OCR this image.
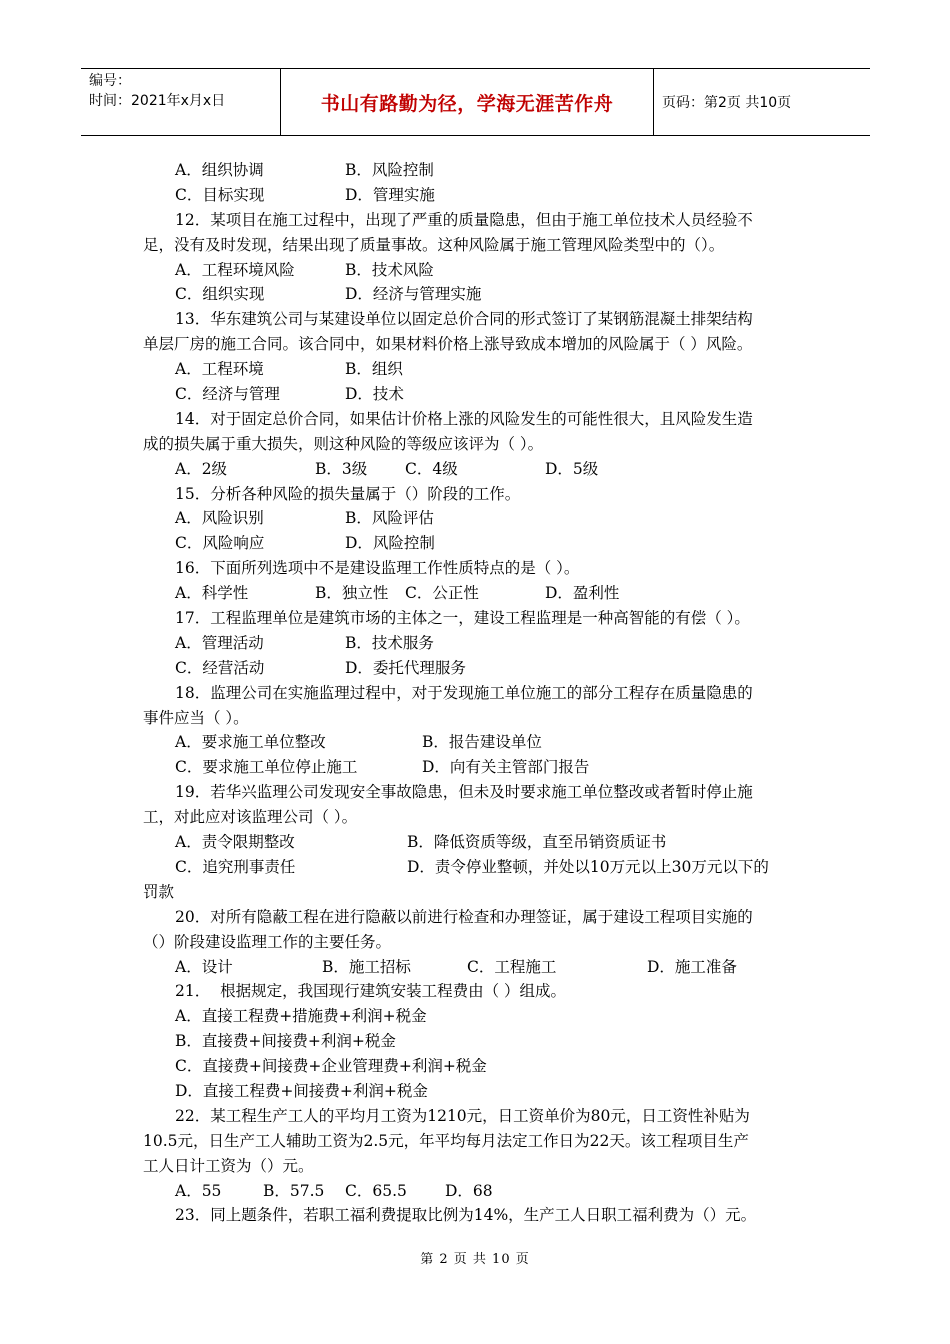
编号：
时间：2021年x月x日	书山有路勤为径，学海无涯苦作舟	页码：第2页 共10页
A．组织协调	B．风险控制
C．目标实现	D．管理实施
12．某项目在施工过程中，出现了严重的质量隐患，但由于施工单位技术人员经验不
足，没有及时发现，结果出现了质量事故。这种风险属于施工管理风险类型中的（）。
A．工程环境风险	B．技术风险
C．组织实现	D．经济与管理实施
13．华东建筑公司与某建设单位以固定总价合同的形式签订了某钢筋混凝土排架结构
单层厂房的施工合同。该合同中，如果材料价格上涨导致成本增加的风险属于（ ）风险。
A．工程环境	B．组织
C．经济与管理	D．技术
14．对于固定总价合同，如果估计价格上涨的风险发生的可能性很大，且风险发生造
成的损失属于重大损失，则这种风险的等级应该评为（ ）。
A．2级	B．3级 C．4级	D．5级
15．分析各种风险的损失量属于（）阶段的工作。
A．风险识别	B．风险评估
C．风险响应	D．风险控制
16．下面所列选项中不是建设监理工作性质特点的是（ ）。
A．科学性	B．独立性 C．公正性	D．盈利性
17．工程监理单位是建筑市场的主体之一，建设工程监理是一种高智能的有偿（ ）。
A．管理活动	B．技术服务
C．经营活动	D．委托代理服务
18．监理公司在实施监理过程中，对于发现施工单位施工的部分工程存在质量隐患的
事件应当（ ）。
A．要求施工单位整改	B．报告建设单位
C．要求施工单位停止施工	D．向有关主管部门报告
19．若华兴监理公司发现安全事故隐患，但未及时要求施工单位整改或者暂时停止施
工，对此应对该监理公司（ ）。
A．责令限期整改	B．降低资质等级，直至吊销资质证书
C．追究刑事责任	D．责令停业整顿，并处以10万元以上30万元以下的
罚款
20．对所有隐蔽工程在进行隐蔽以前进行检查和办理签证，属于建设工程项目实施的
（）阶段建设监理工作的主要任务。
A．设计	B．施工招标	C．工程施工	D．施工准备
21．  根据规定，我国现行建筑安装工程费由（ ）组成。
A．直接工程费+措施费+利润+税金
B．直接费+间接费+利润+税金
C．直接费+间接费+企业管理费+利润+税金
D．直接工程费+间接费+利润+税金
22．某工程生产工人的平均月工资为1210元，日工资单价为80元，日工资性补贴为
10.5元，日生产工人辅助工资为2.5元，年平均每月法定工作日为22天。该工程项目生产
工人日计工资为（）元。
A．55	B．57.5 C．65.5 D．68
23．同上题条件，若职工福利费提取比例为14%，生产工人日职工福利费为（）元。
第 2 页 共 10 页
